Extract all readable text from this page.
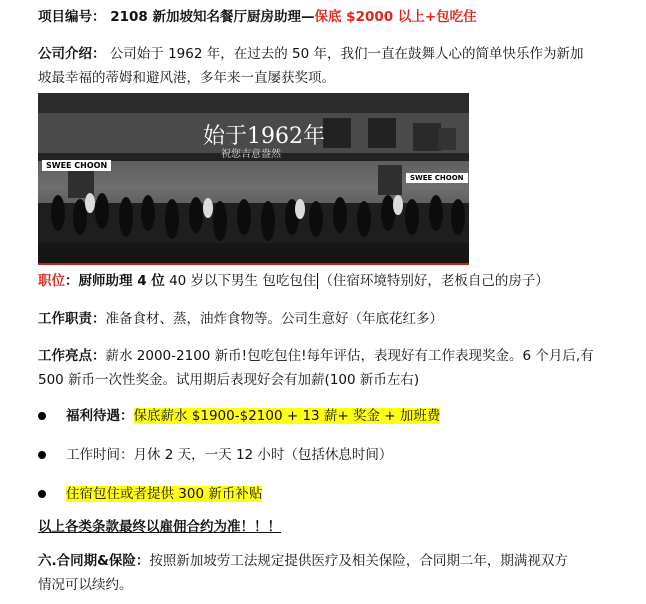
项目编号： 2108 新加坡知名餐厅厨房助理—保底 $2000 以上+包吃住
公司介绍： 公司始于 1962 年，在过去的 50 年，我们一直在鼓舞人心的简单快乐作为新加
坡最幸福的蒂姆和避风港，多年来一直屡获奖项。
始于1962年
祝您吉意盎然
SWEE CHOON
SWEE CHOON
职位：厨师助理 4 位 40 岁以下男生 包吃包住 （住宿环境特别好，老板自己的房子）
工作职责：准备食材、蒸，油炸食物等。公司生意好（年底花红多）
工作亮点：薪水 2000-2100 新币!包吃包住!每年评估，表现好有工作表现奖金。6 个月后,有
500 新币一次性奖金。试用期后表现好会有加薪(100 新币左右)
福利待遇：保底薪水 $1900-$2100 + 13 薪+ 奖金 + 加班费
工作时间：月休 2 天，一天 12 小时（包括休息时间）
住宿包住或者提供 300 新币补贴
以上各类条款最终以雇佣合约为准！！！
六.合同期&保险：按照新加坡劳工法规定提供医疗及相关保险，合同期二年，期满视双方
情况可以续约。
